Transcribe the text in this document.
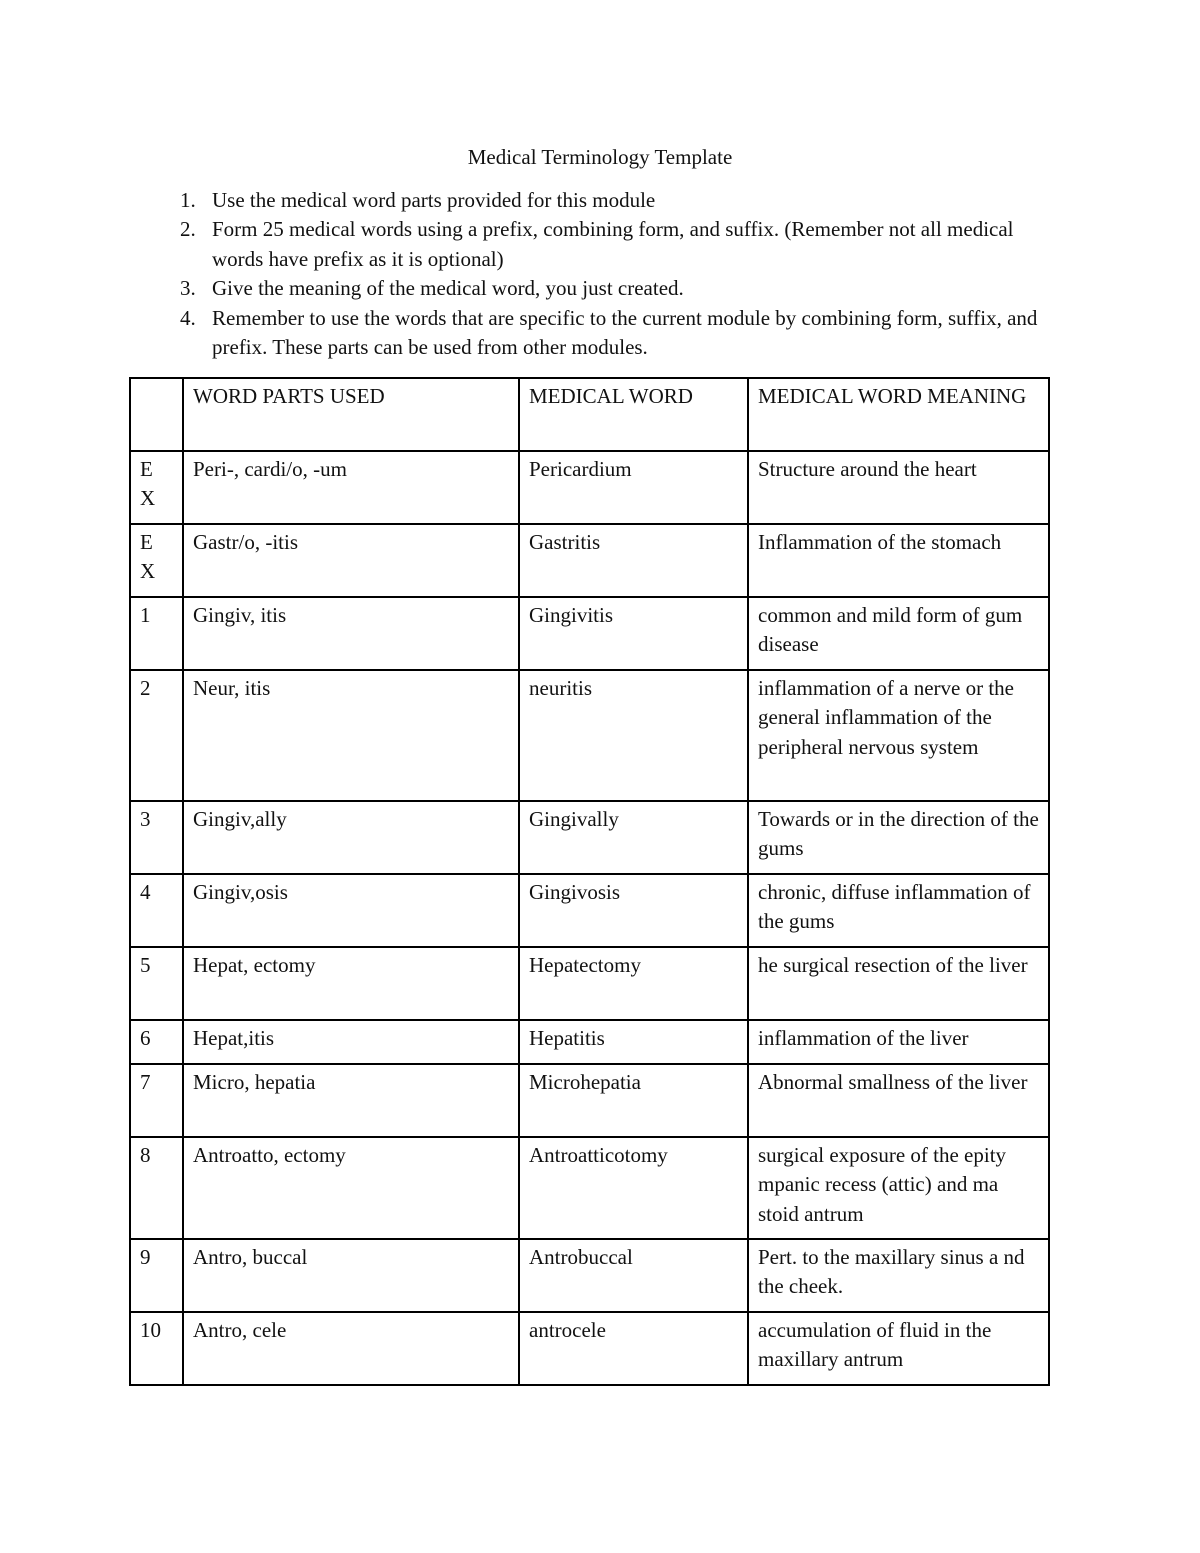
Medical Terminology Template
1. Use the medical word parts provided for this module
2. Form 25 medical words using a prefix, combining form, and suffix. (Remember not all medical words have prefix as it is optional)
3. Give the meaning of the medical word, you just created.
4. Remember to use the words that are specific to the current module by combining form, suffix, and prefix. These parts can be used from other modules.
	WORD PARTS USED	MEDICAL WORD	MEDICAL WORD MEANING

EX	Peri-, cardi/o, -um	Pericardium	Structure around the heart

EX	Gastr/o, -itis	Gastritis	Inflammation of the stomach
1	Gingiv, itis	Gingivitis	common and mild form of gum disease
2	Neur, itis	neuritis	inflammation of a nerve or the general inflammation of the peripheral nervous system
3	Gingiv,ally	Gingivally	Towards or in the direction of the gums
4	Gingiv,osis	Gingivosis	chronic, diffuse inflammation of the gums
5	Hepat, ectomy	Hepatectomy	he surgical resection of the liver
6	Hepat,itis	Hepatitis	inflammation of the liver
7	Micro, hepatia	Microhepatia	Abnormal smallness of the liver
8	Antroatto, ectomy	Antroatticotomy	surgical exposure of the epity mpanic recess (attic) and ma stoid antrum
9	Antro, buccal	Antrobuccal	Pert. to the maxillary sinus a nd the cheek.
10	Antro, cele	antrocele	accumulation of fluid in the maxillary antrum
